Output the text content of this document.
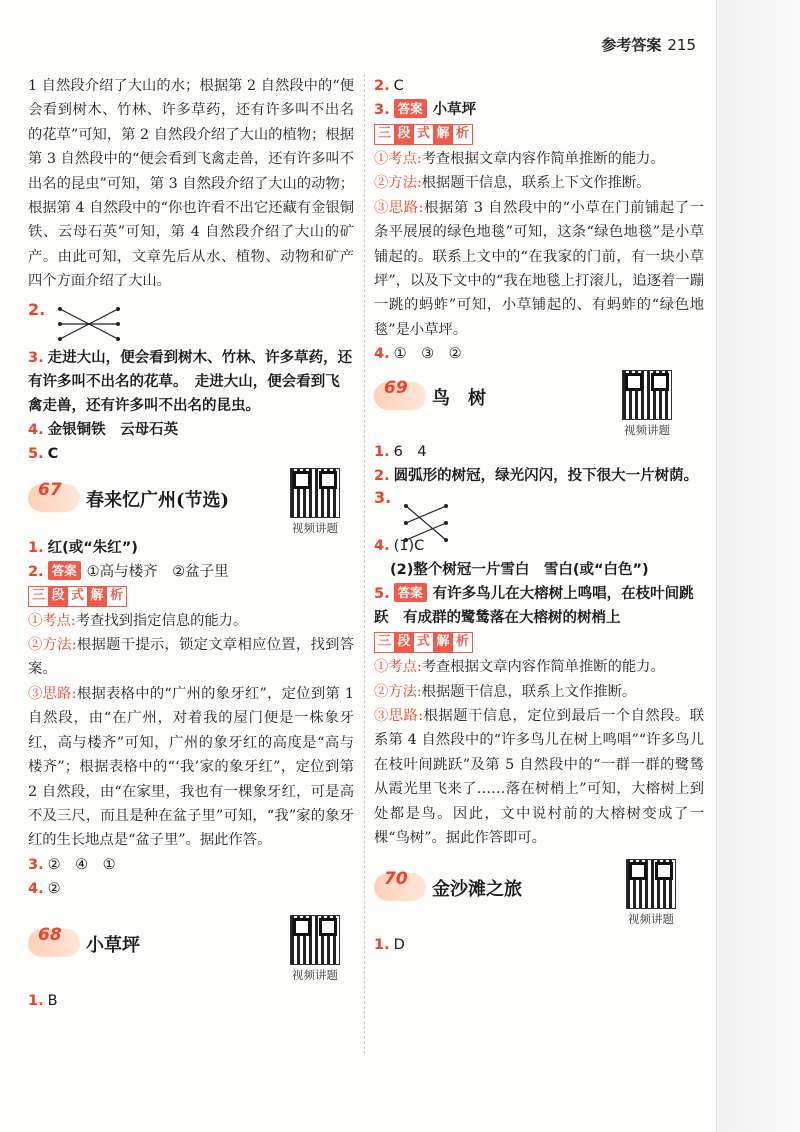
参考答案 215

1 自然段介绍了大山的水；根据第 2 自然段中的“便会看到树木、竹林、许多草药，还有许多叫不出名的花草”可知，第 2 自然段介绍了大山的植物；根据第 3 自然段中的“便会看到飞禽走兽，还有许多叫不出名的昆虫”可知，第 3 自然段介绍了大山的动物；根据第 4 自然段中的“你也许看不出它还藏有金银铜铁、云母石英”可知，第 4 自然段介绍了大山的矿产。由此可知，文章先后从水、植物、动物和矿产四个方面介绍了大山。

2.
3. 走进大山，便会看到树木、竹林、许多草药，还有许多叫不出名的花草。　走进大山，便会看到飞禽走兽，还有许多叫不出名的昆虫。
4. 金银铜铁　云母石英
5. C
67 春来忆广州(节选)
视频讲题
1. 红(或“朱红”)
2. 答案 ①高与楼齐　②盆子里
三 段 式 解 析

①考点:考查找到指定信息的能力。

②方法:根据题干提示，锁定文章相应位置，找到答案。

③思路:根据表格中的“广州的象牙红”，定位到第 1 自然段，由“在广州，对着我的屋门便是一株象牙红，高与楼齐”可知，广州的象牙红的高度是“高与楼齐”；根据表格中的“‘我’家的象牙红”，定位到第 2 自然段，由“在家里，我也有一棵象牙红，可是高不及三尺，而且是种在盆子里”可知，“我”家的象牙红的生长地点是“盆子里”。据此作答。

3. ②　④　①
4. ②
68 小草坪
视频讲题
1. B
2. C
3. 答案 小草坪
三 段 式 解 析

①考点:考查根据文章内容作简单推断的能力。

②方法:根据题干信息，联系上下文作推断。

③思路:根据第 3 自然段中的“小草在门前铺起了一条平展展的绿色地毯”可知，这条“绿色地毯”是小草铺起的。联系上文中的“在我家的门前，有一块小草坪”，以及下文中的“我在地毯上打滚儿，追逐着一蹦一跳的蚂蚱”可知，小草铺起的、有蚂蚱的“绿色地毯”是小草坪。

4. ①　③　②
69 鸟　树
视频讲题
1. 6　4
2. 圆弧形的树冠，绿光闪闪，投下很大一片树荫。
3.
4. (1)C
(2)整个树冠一片雪白　雪白(或“白色”)
5. 答案 有许多鸟儿在大榕树上鸣唱，在枝叶间跳跃　有成群的鹭鸶落在大榕树的树梢上
三 段 式 解 析

①考点:考查根据文章内容作简单推断的能力。

②方法:根据题干信息，联系上文作推断。

③思路:根据题干信息，定位到最后一个自然段。联系第 4 自然段中的“许多鸟儿在树上鸣唱”“许多鸟儿在枝叶间跳跃”及第 5 自然段中的“一群一群的鹭鸶从霞光里飞来了……落在树梢上”可知，大榕树上到处都是鸟。因此，文中说村前的大榕树变成了一棵“鸟树”。据此作答即可。

70 金沙滩之旅
视频讲题
1. D
